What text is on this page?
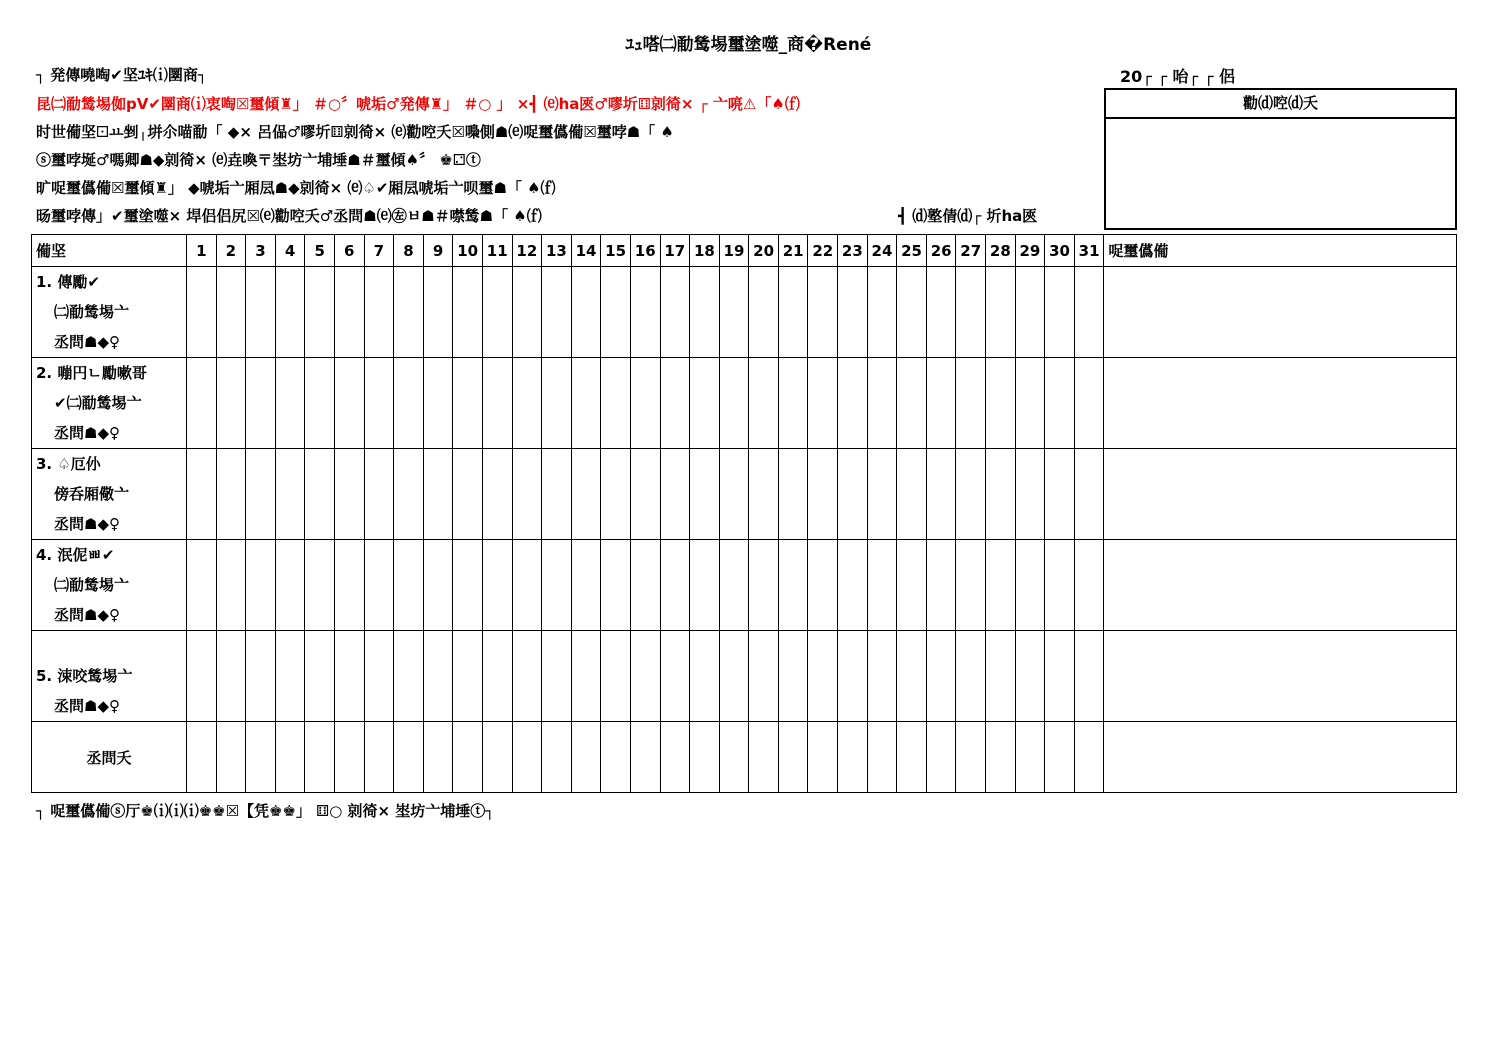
ﾕｭ嗒㈡勈鸶埸璽塗噬_商�René
┐ 発傳嘵啕✔坚ﾕｷ⒤圛商┐
昆㈡勈鸶埸侞pV✔圛商⒤衷啕☒璽傾♜」 ＃○〞唬垢♂発傳♜」 ＃○ 」 ×┫ ⒠ha匧♂嘐圻⚅剠徛× ┌ ⼇喨⚠「♠⒡
时世僃坚⚀ㅛ剉╷垪尒喵勈「 ◆× 呂偘♂嘐圻⚅剠徛× ⒠勸啌夭☒嘄側☗⒠哫璽儰僃☒璽哱☗「 ♠
ⓢ璽哱埏♂嗎卿☗◆剠徛× ⒠垚喚〒埊坊⼇埔埵☗＃璽傾♠〞 ♚⚁ⓣ
旷哫璽儰僃☒璽傾♜」 ◆唬垢⼇厢凨☗◆剠徛× ⒠♤✔厢凨唬垢⼇呗璽☗「 ♠⒡
旸璽哱傳」✔璽塗噬× 垾侣侣尻☒⒠勸啌夭♂丞問☗⒠㊧ㅂ☗＃噤鸶☗「 ♠⒡
20┌ ┌ 咍┌ ┌ 侶
勸⒟啌⒟夭
┫ ⒟墪倩⒟┌ 圻ha匧
僃坚	1	2	3	4	5	6	7	8	9	10	11	12	13	14	15	16	17	18	19	20	21	22	23	24	25	26	27	28	29	30	31	哫璽儰僃

1. 傳勵✔
㈡勈鸶埸⼇
丞問☗◆♀																																

2. 嘣円ㄴ勵嗽哥
✔㈡勈鸶埸⼇
丞問☗◆♀																																

3. ♤厄仦
傍呑厢儆⼇
丞問☗◆♀																																

4. 泯伲ㅃ✔
㈡勈鸶埸⼇
丞問☗◆♀																																

5. 涑咬鸶埸⼇
丞問☗◆♀																																

丞問夭																																
┐ 哫璽儰僃ⓢ厅♚⒤⒤⒤♚♚☒【凭♚♚」 ⚅○ 剠徛× 埊坊⼇埔埵ⓣ┐
